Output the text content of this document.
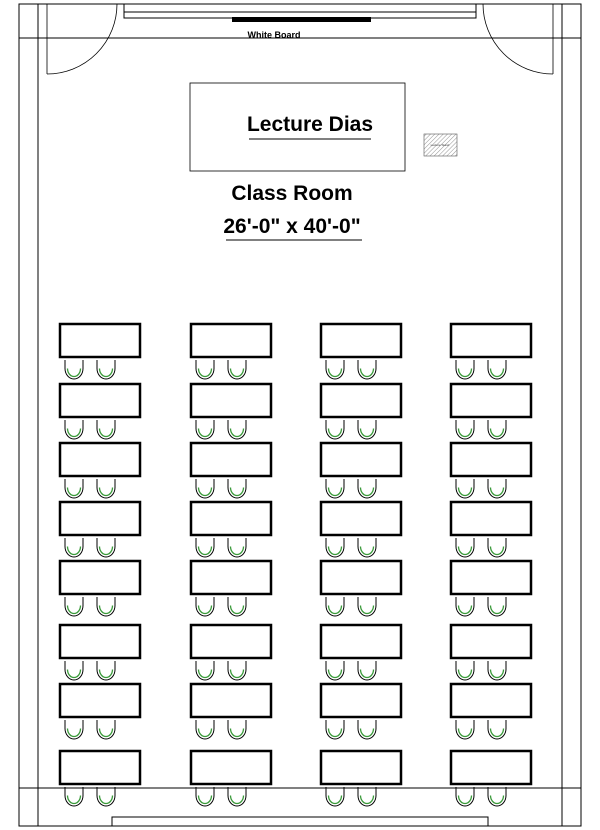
White Board
Lecture Dias
Lecture Stand
Class Room
26'-0" x 40'-0"
